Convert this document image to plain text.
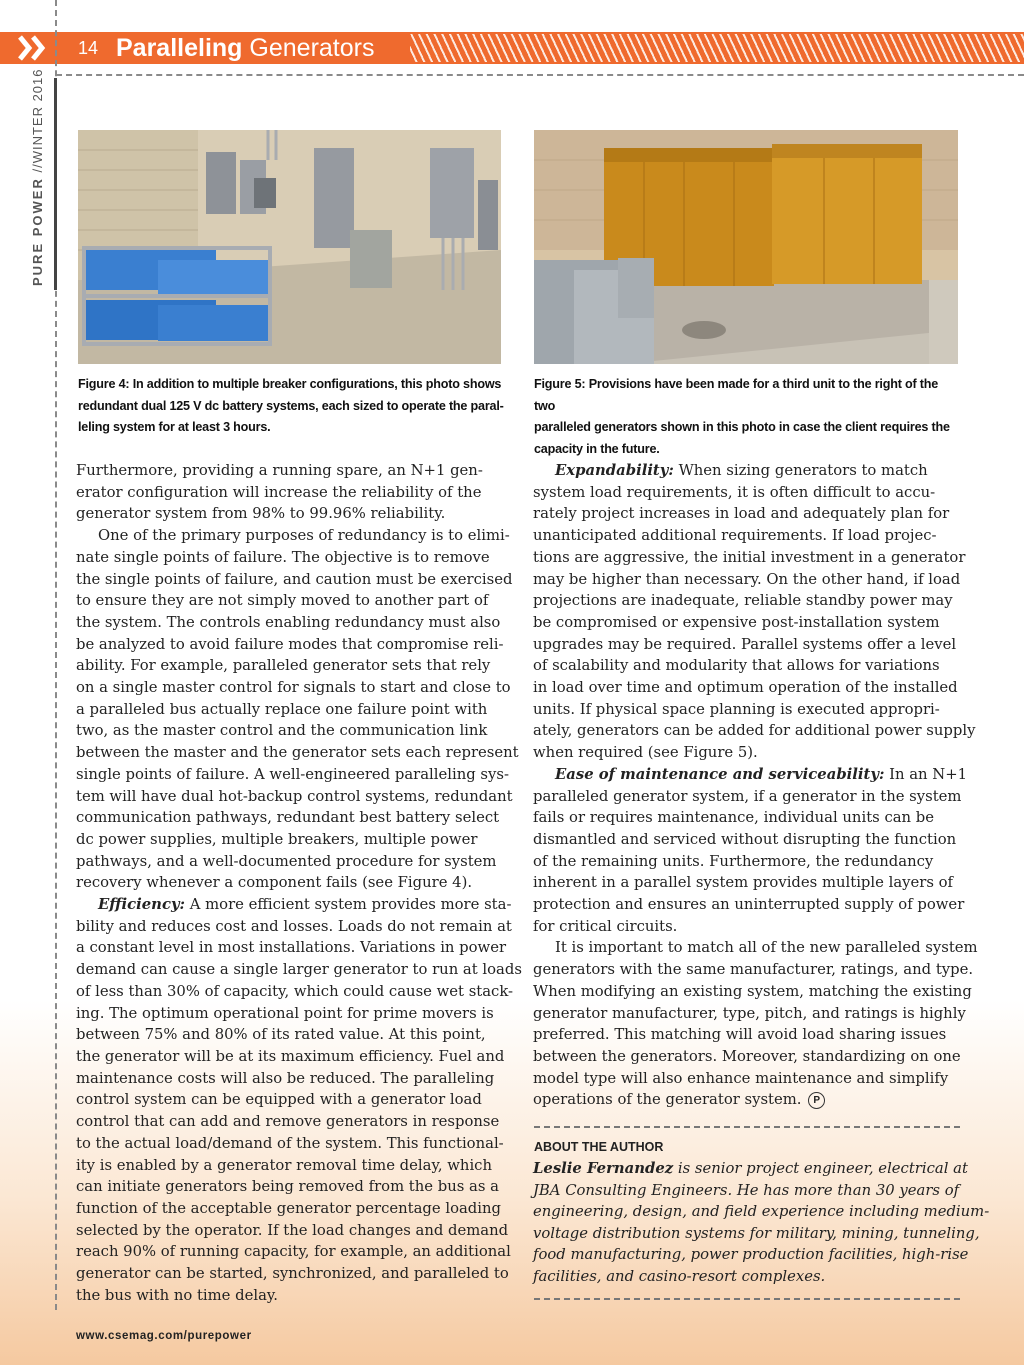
14 Paralleling Generators
PURE POWER //WINTER 2016
Figure 4: In addition to multiple breaker configurations, this photo shows
redundant dual 125 V dc battery systems, each sized to operate the paral-
leling system for at least 3 hours.
Figure 5: Provisions have been made for a third unit to the right of the two
paralleled generators shown in this photo in case the client requires the
capacity in the future.

Furthermore, providing a running spare, an N+1 gen-

erator configuration will increase the reliability of the

generator system from 98% to 99.96% reliability.

One of the primary purposes of redundancy is to elimi-

nate single points of failure. The objective is to remove

the single points of failure, and caution must be exercised

to ensure they are not simply moved to another part of

the system. The controls enabling redundancy must also

be analyzed to avoid failure modes that compromise reli-

ability. For example, paralleled generator sets that rely

on a single master control for signals to start and close to

a paralleled bus actually replace one failure point with

two, as the master control and the communication link

between the master and the generator sets each represent

single points of failure. A well-engineered paralleling sys-

tem will have dual hot-backup control systems, redundant

communication pathways, redundant best battery select

dc power supplies, multiple breakers, multiple power

pathways, and a well-documented procedure for system

recovery whenever a component fails (see Figure 4).

Efficiency: A more efficient system provides more sta-

bility and reduces cost and losses. Loads do not remain at

a constant level in most installations. Variations in power

demand can cause a single larger generator to run at loads

of less than 30% of capacity, which could cause wet stack-

ing. The optimum operational point for prime movers is

between 75% and 80% of its rated value. At this point,

the generator will be at its maximum efficiency. Fuel and

maintenance costs will also be reduced. The paralleling

control system can be equipped with a generator load

control that can add and remove generators in response

to the actual load/demand of the system. This functional-

ity is enabled by a generator removal time delay, which

can initiate generators being removed from the bus as a

function of the acceptable generator percentage loading

selected by the operator. If the load changes and demand

reach 90% of running capacity, for example, an additional

generator can be started, synchronized, and paralleled to

the bus with no time delay.

Expandability: When sizing generators to match

system load requirements, it is often difficult to accu-

rately project increases in load and adequately plan for

unanticipated additional requirements. If load projec-

tions are aggressive, the initial investment in a generator

may be higher than necessary. On the other hand, if load

projections are inadequate, reliable standby power may

be compromised or expensive post-installation system

upgrades may be required. Parallel systems offer a level

of scalability and modularity that allows for variations

in load over time and optimum operation of the installed

units. If physical space planning is executed appropri-

ately, generators can be added for additional power supply

when required (see Figure 5).

Ease of maintenance and serviceability: In an N+1

paralleled generator system, if a generator in the system

fails or requires maintenance, individual units can be

dismantled and serviced without disrupting the function

of the remaining units. Furthermore, the redundancy

inherent in a parallel system provides multiple layers of

protection and ensures an uninterrupted supply of power

for critical circuits.

It is important to match all of the new paralleled system

generators with the same manufacturer, ratings, and type.

When modifying an existing system, matching the existing

generator manufacturer, type, pitch, and ratings is highly

preferred. This matching will avoid load sharing issues

between the generators. Moreover, standardizing on one

model type will also enhance maintenance and simplify

operations of the generator system. P

ABOUT THE AUTHOR

Leslie Fernandez is senior project engineer, electrical at

JBA Consulting Engineers. He has more than 30 years of

engineering, design, and field experience including medium-

voltage distribution systems for military, mining, tunneling,

food manufacturing, power production facilities, high-rise

facilities, and casino-resort complexes.

www.csemag.com/purepower
